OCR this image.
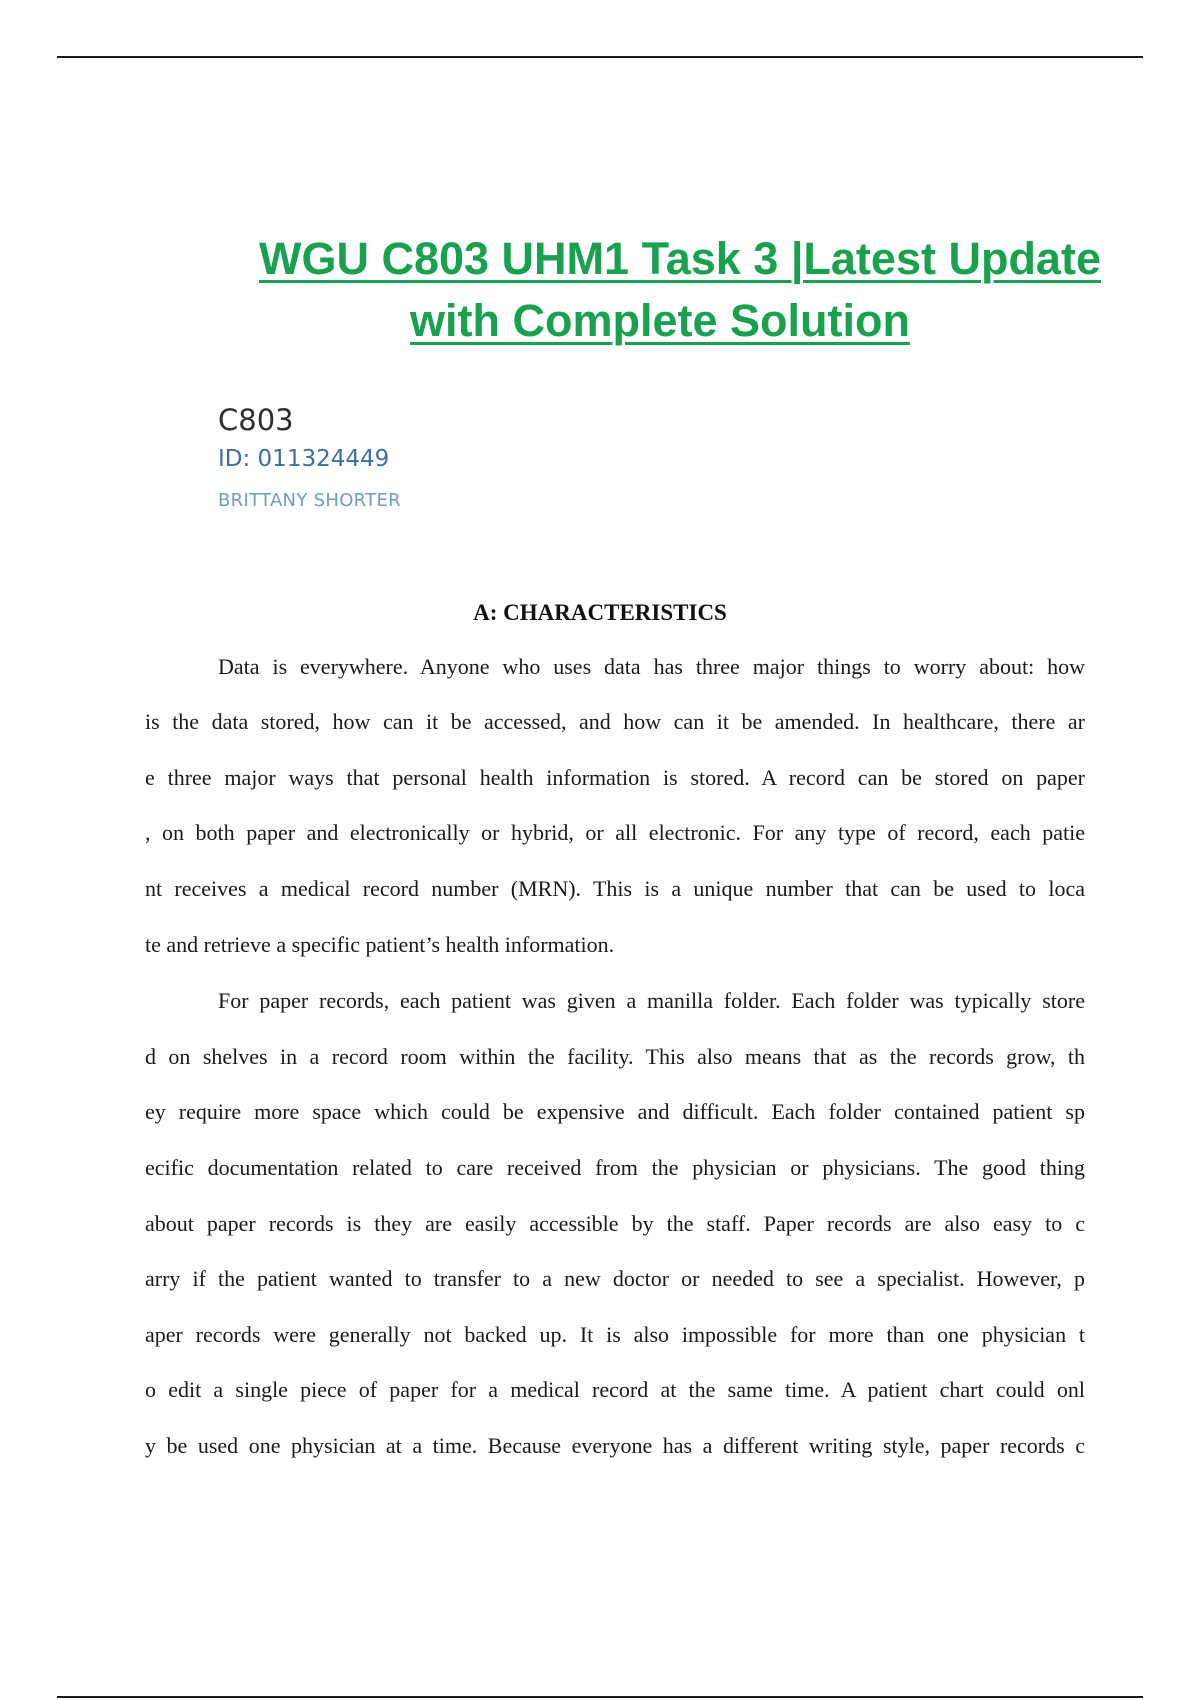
WGU C803 UHM1 Task 3 |Latest Update
with Complete Solution
C803
ID: 011324449
BRITTANY SHORTER
A: CHARACTERISTICS
Data is everywhere. Anyone who uses data has three major things to worry about: how
is the data stored, how can it be accessed, and how can it be amended. In healthcare, there ar
e three major ways that personal health information is stored. A record can be stored on paper
, on both paper and electronically or hybrid, or all electronic. For any type of record, each patie
nt receives a medical record number (MRN). This is a unique number that can be used to loca
te and retrieve a specific patient’s health information.
For paper records, each patient was given a manilla folder. Each folder was typically store
d on shelves in a record room within the facility. This also means that as the records grow, th
ey require more space which could be expensive and difficult. Each folder contained patient sp
ecific documentation related to care received from the physician or physicians. The good thing
about paper records is they are easily accessible by the staff. Paper records are also easy to c
arry if the patient wanted to transfer to a new doctor or needed to see a specialist. However, p
aper records were generally not backed up. It is also impossible for more than one physician t
o edit a single piece of paper for a medical record at the same time. A patient chart could onl
y be used one physician at a time. Because everyone has a different writing style, paper records c
